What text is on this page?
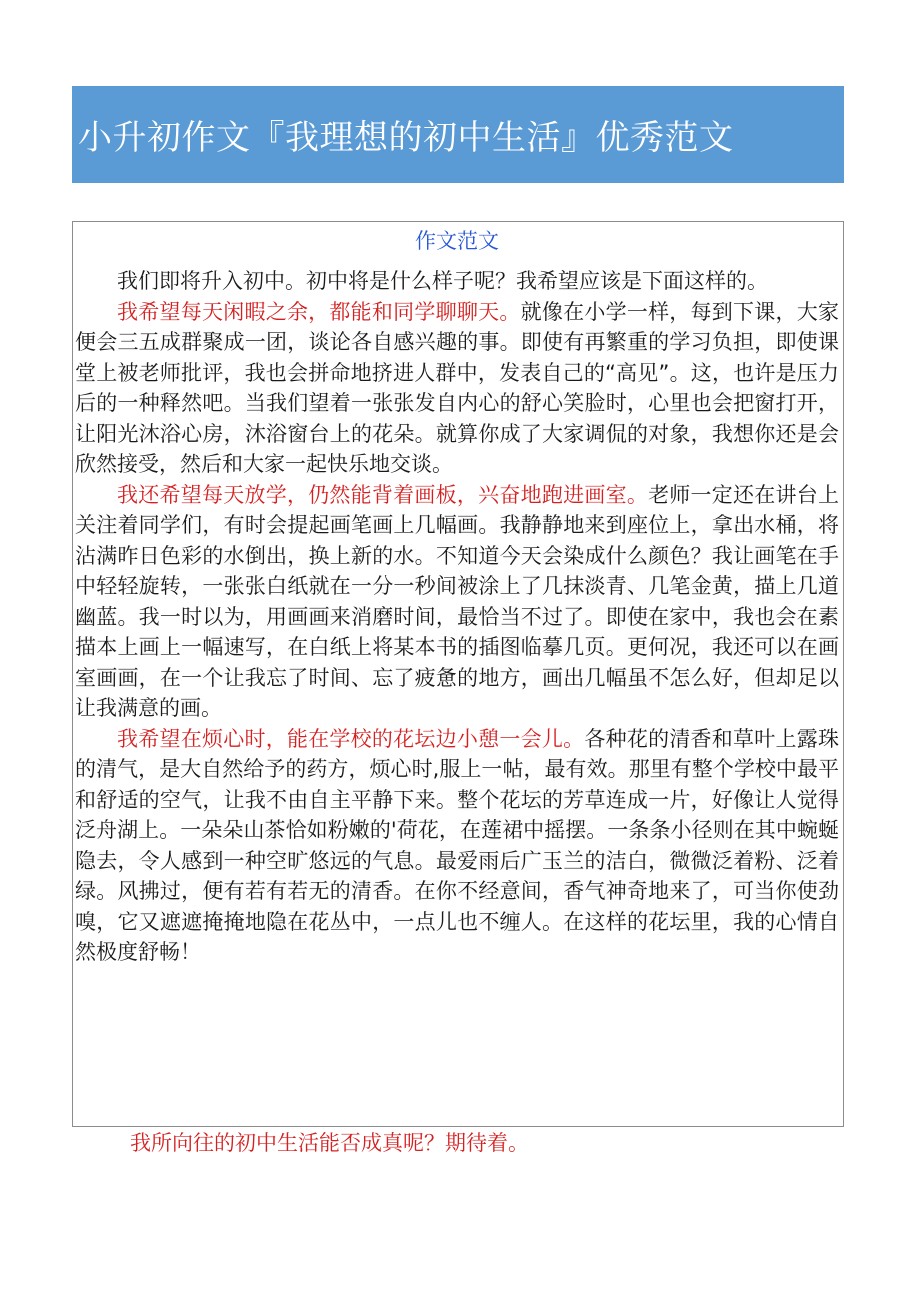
小升初作文『我理想的初中生活』优秀范文
作文范文

我们即将升入初中。初中将是什么样子呢？我希望应该是下面这样的。

我希望每天闲暇之余，都能和同学聊聊天。就像在小学一样，每到下课，大家便会三五成群聚成一团，谈论各自感兴趣的事。即使有再繁重的学习负担，即使课堂上被老师批评，我也会拼命地挤进人群中，发表自己的“高见”。这，也许是压力后的一种释然吧。当我们望着一张张发自内心的舒心笑脸时，心里也会把窗打开，让阳光沐浴心房，沐浴窗台上的花朵。就算你成了大家调侃的对象，我想你还是会欣然接受，然后和大家一起快乐地交谈。

我还希望每天放学，仍然能背着画板，兴奋地跑进画室。老师一定还在讲台上关注着同学们，有时会提起画笔画上几幅画。我静静地来到座位上，拿出水桶，将沾满昨日色彩的水倒出，换上新的水。不知道今天会染成什么颜色？我让画笔在手中轻轻旋转，一张张白纸就在一分一秒间被涂上了几抹淡青、几笔金黄，描上几道幽蓝。我一时以为，用画画来消磨时间，最恰当不过了。即使在家中，我也会在素描本上画上一幅速写，在白纸上将某本书的插图临摹几页。更何况，我还可以在画室画画，在一个让我忘了时间、忘了疲惫的地方，画出几幅虽不怎么好，但却足以让我满意的画。

我希望在烦心时，能在学校的花坛边小憩一会儿。各种花的清香和草叶上露珠的清气，是大自然给予的药方，烦心时,服上一帖，最有效。那里有整个学校中最平和舒适的空气，让我不由自主平静下来。整个花坛的芳草连成一片，好像让人觉得泛舟湖上。一朵朵山茶恰如粉嫩的'荷花，在莲裙中摇摆。一条条小径则在其中蜿蜒隐去，令人感到一种空旷悠远的气息。最爱雨后广玉兰的洁白，微微泛着粉、泛着绿。风拂过，便有若有若无的清香。在你不经意间，香气神奇地来了，可当你使劲嗅，它又遮遮掩掩地隐在花丛中，一点儿也不缠人。在这样的花坛里，我的心情自然极度舒畅！

我所向往的初中生活能否成真呢？期待着。
